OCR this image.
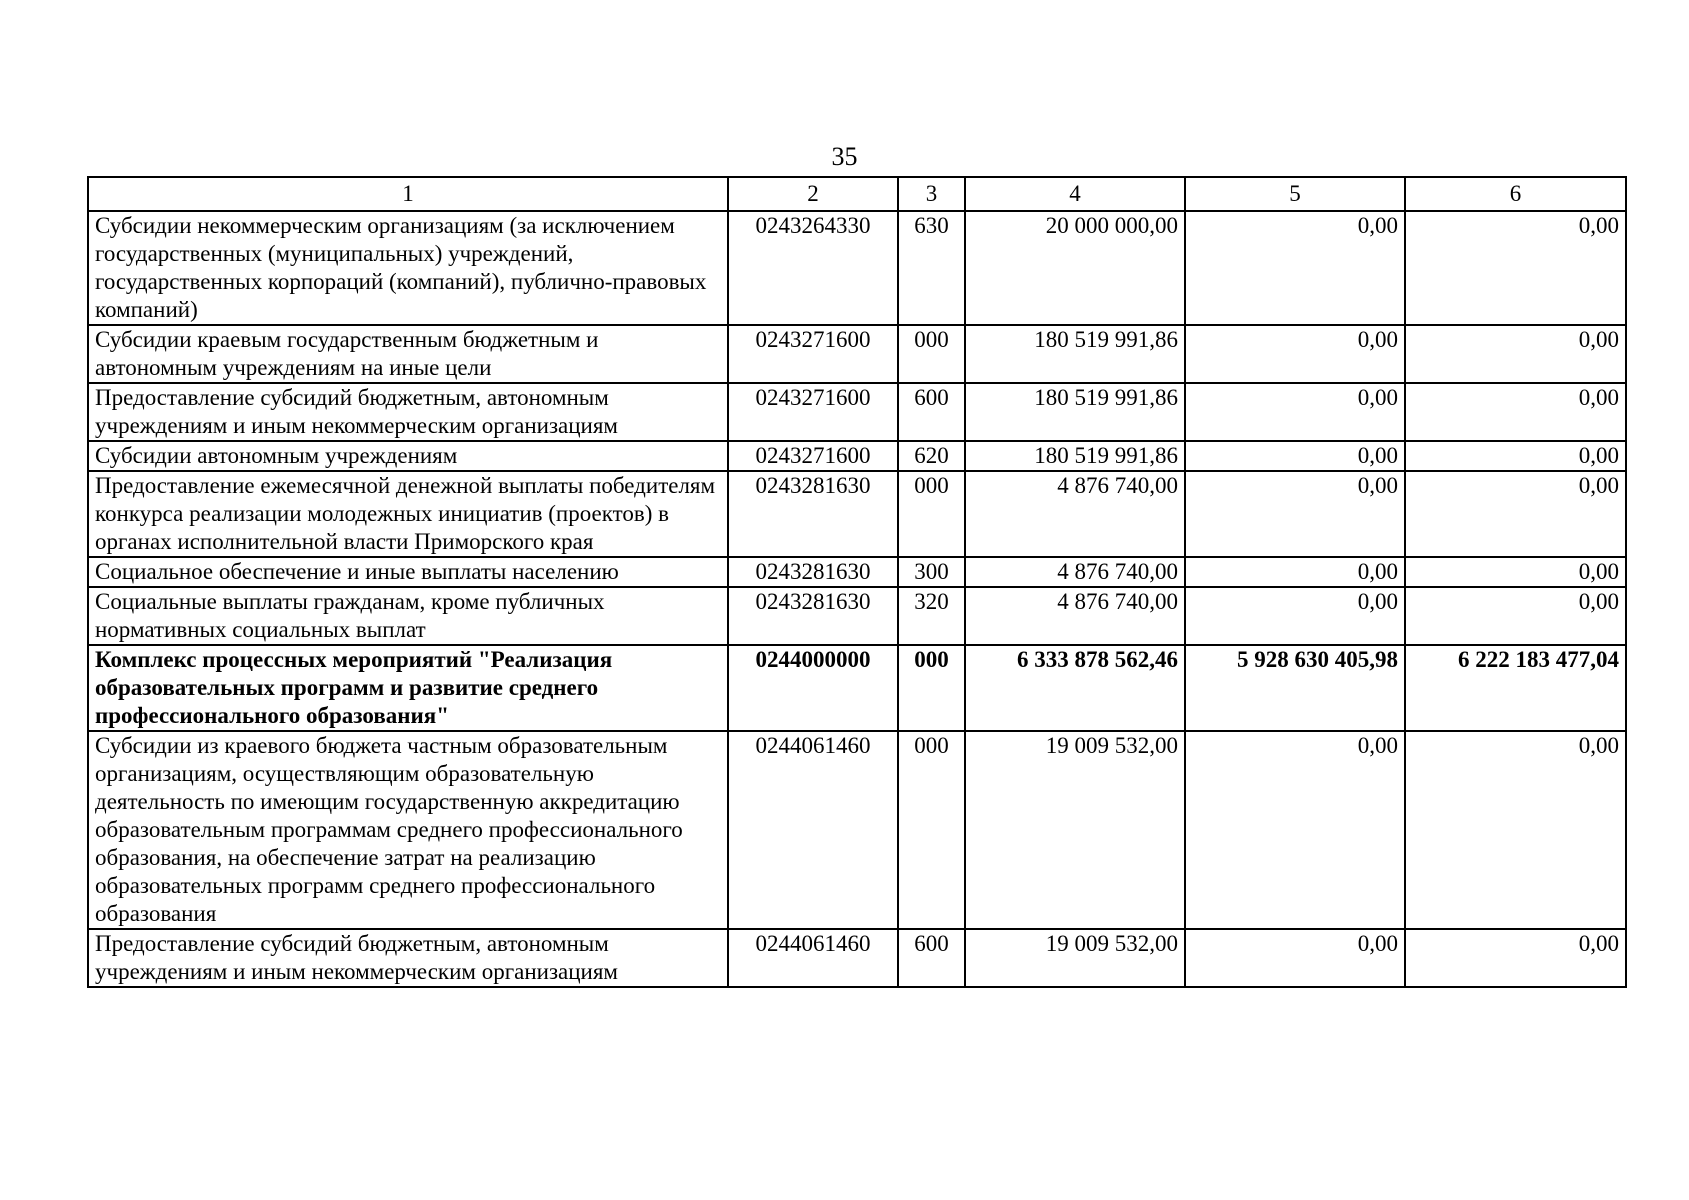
35
1	2	3	4	5	6
Субсидии некоммерческим организациям (за исключением государственных (муниципальных) учреждений, государственных корпораций (компаний), публично-правовых компаний)	0243264330	630	20 000 000,00	0,00	0,00
Субсидии краевым государственным бюджетным и автономным учреждениям на иные цели	0243271600	000	180 519 991,86	0,00	0,00
Предоставление субсидий бюджетным, автономным учреждениям и иным некоммерческим организациям	0243271600	600	180 519 991,86	0,00	0,00
Субсидии автономным учреждениям	0243271600	620	180 519 991,86	0,00	0,00
Предоставление ежемесячной денежной выплаты победителям конкурса реализации молодежных инициатив (проектов) в органах исполнительной власти Приморского края	0243281630	000	4 876 740,00	0,00	0,00
Социальное обеспечение и иные выплаты населению	0243281630	300	4 876 740,00	0,00	0,00
Социальные выплаты гражданам, кроме публичных нормативных социальных выплат	0243281630	320	4 876 740,00	0,00	0,00
Комплекс процессных мероприятий "Реализация образовательных программ и развитие среднего профессионального образования"	0244000000	000	6 333 878 562,46	5 928 630 405,98	6 222 183 477,04
Субсидии из краевого бюджета частным образовательным организациям, осуществляющим образовательную деятельность по имеющим государственную аккредитацию образовательным программам среднего профессионального образования, на обеспечение затрат на реализацию образовательных программ среднего профессионального образования	0244061460	000	19 009 532,00	0,00	0,00
Предоставление субсидий бюджетным, автономным учреждениям и иным некоммерческим организациям	0244061460	600	19 009 532,00	0,00	0,00
